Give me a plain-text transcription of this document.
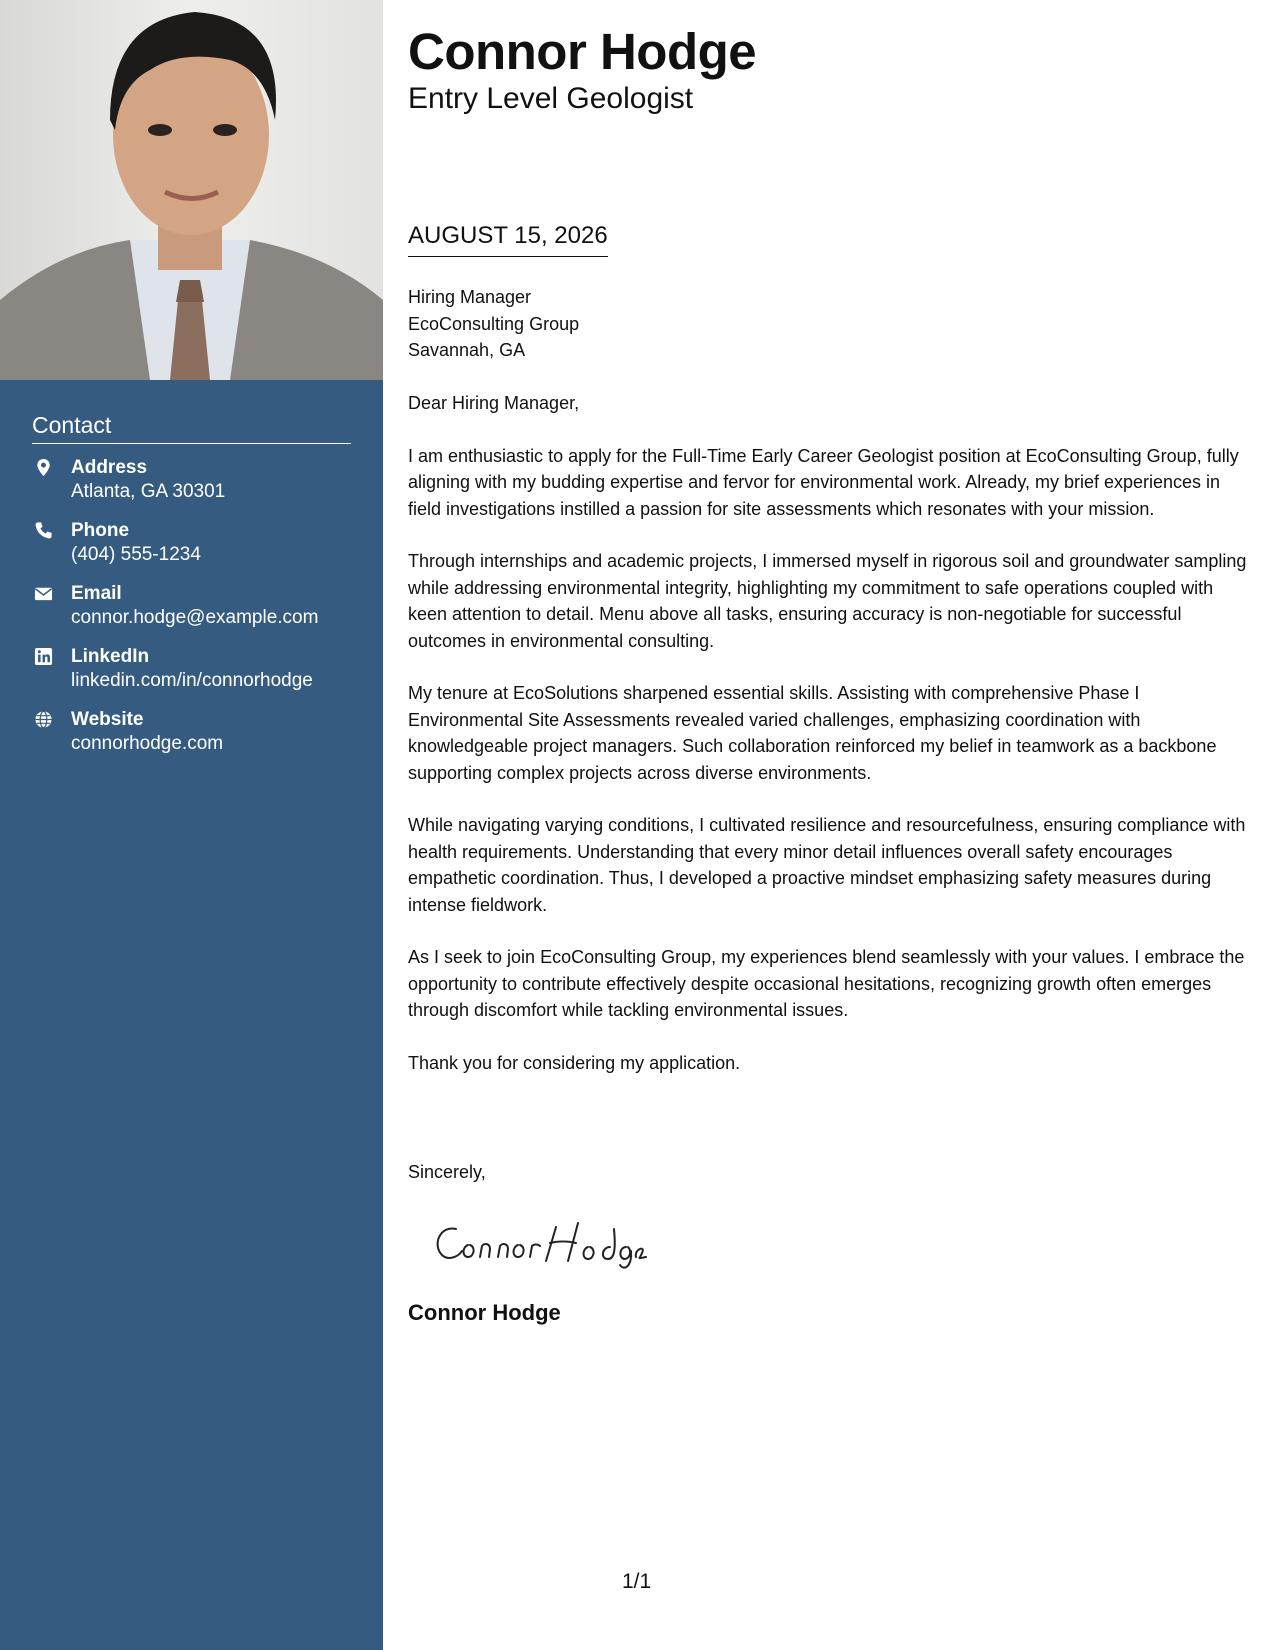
Contact
Address
Atlanta, GA 30301
Phone
(404) 555-1234
Email
connor.hodge@example.com
LinkedIn
linkedin.com/in/connorhodge
Website
connorhodge.com
Connor Hodge
Entry Level Geologist
AUGUST 15, 2026
Hiring Manager
EcoConsulting Group
Savannah, GA

Dear Hiring Manager,

I am enthusiastic to apply for the Full-Time Early Career Geologist position at EcoConsulting Group, fully aligning with my budding expertise and fervor for environmental work. Already, my brief experiences in field investigations instilled a passion for site assessments which resonates with your mission.

Through internships and academic projects, I immersed myself in rigorous soil and groundwater sampling while addressing environmental integrity, highlighting my commitment to safe operations coupled with keen attention to detail. Menu above all tasks, ensuring accuracy is non-negotiable for successful outcomes in environmental consulting.

My tenure at EcoSolutions sharpened essential skills. Assisting with comprehensive Phase I Environmental Site Assessments revealed varied challenges, emphasizing coordination with knowledgeable project managers. Such collaboration reinforced my belief in teamwork as a backbone supporting complex projects across diverse environments.

While navigating varying conditions, I cultivated resilience and resourcefulness, ensuring compliance with health requirements. Understanding that every minor detail influences overall safety encourages empathetic coordination. Thus, I developed a proactive mindset emphasizing safety measures during intense fieldwork.

As I seek to join EcoConsulting Group, my experiences blend seamlessly with your values. I embrace the opportunity to contribute effectively despite occasional hesitations, recognizing growth often emerges through discomfort while tackling environmental issues.

Thank you for considering my application.

Sincerely,
Connor Hodge
1/1
